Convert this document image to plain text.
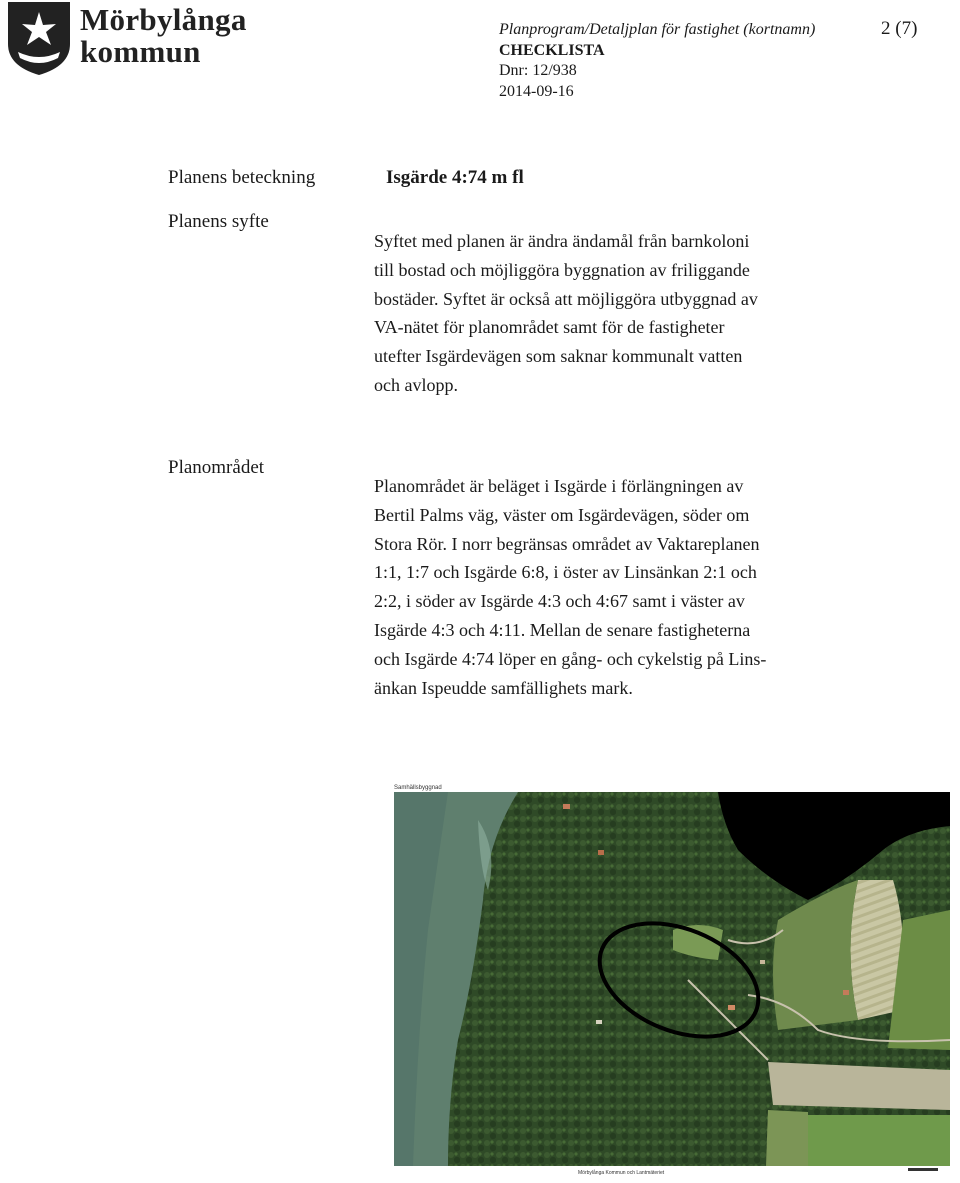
Mörbylånga
kommun
Planprogram/Detaljplan för fastighet (kortnamn)
CHECKLISTA
Dnr: 12/938
2014-09-16
2 (7)
Planens beteckning	Isgärde 4:74 m fl
Planens syfte
Syftet med planen är ändra ändamål från barnkoloni
till bostad och möjliggöra byggnation av friliggande
bostäder. Syftet är också att möjliggöra utbyggnad av
VA-nätet för planområdet samt för de fastigheter
utefter Isgärdevägen som saknar kommunalt vatten
och avlopp.
Planområdet
Planområdet är beläget i Isgärde i förlängningen av
Bertil Palms väg, väster om Isgärdevägen, söder om
Stora Rör. I norr begränsas området av Vaktareplanen
1:1, 1:7 och Isgärde 6:8, i öster av Linsänkan 2:1 och
2:2, i söder av Isgärde 4:3 och 4:67 samt i väster av
Isgärde 4:3 och 4:11. Mellan de senare fastigheterna
och Isgärde 4:74 löper en gång- och cykelstig på Lins-
änkan Ispeudde samfällighets mark.
Samhällsbyggnad
Mörbylånga Kommun och Lantmäteriet
